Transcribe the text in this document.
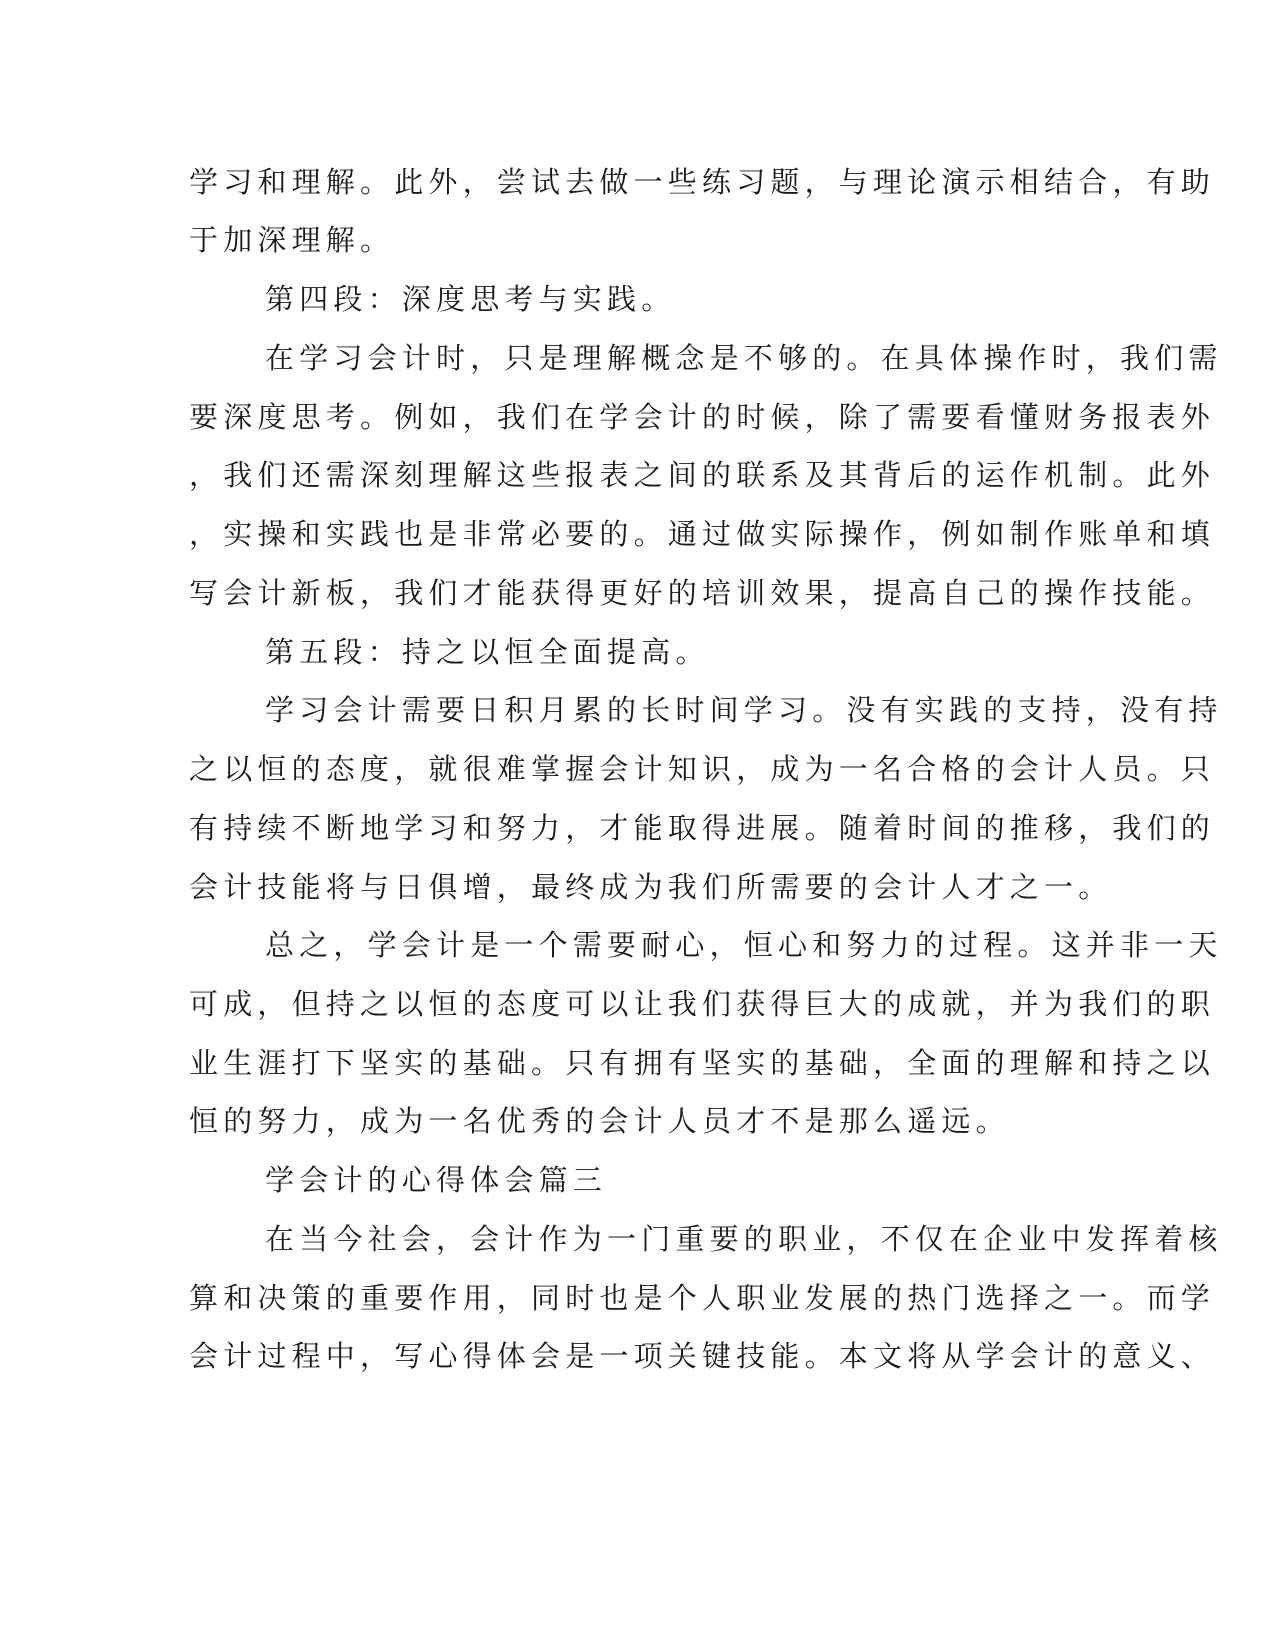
学习和理解。此外，尝试去做一些练习题，与理论演示相结合，有助
于加深理解。
第四段：深度思考与实践。
在学习会计时，只是理解概念是不够的。在具体操作时，我们需
要深度思考。例如，我们在学会计的时候，除了需要看懂财务报表外
，我们还需深刻理解这些报表之间的联系及其背后的运作机制。此外
，实操和实践也是非常必要的。通过做实际操作，例如制作账单和填
写会计新板，我们才能获得更好的培训效果，提高自己的操作技能。
第五段：持之以恒全面提高。
学习会计需要日积月累的长时间学习。没有实践的支持，没有持
之以恒的态度，就很难掌握会计知识，成为一名合格的会计人员。只
有持续不断地学习和努力，才能取得进展。随着时间的推移，我们的
会计技能将与日俱增，最终成为我们所需要的会计人才之一。
总之，学会计是一个需要耐心，恒心和努力的过程。这并非一天
可成，但持之以恒的态度可以让我们获得巨大的成就，并为我们的职
业生涯打下坚实的基础。只有拥有坚实的基础，全面的理解和持之以
恒的努力，成为一名优秀的会计人员才不是那么遥远。
学会计的心得体会篇三
在当今社会，会计作为一门重要的职业，不仅在企业中发挥着核
算和决策的重要作用，同时也是个人职业发展的热门选择之一。而学
会计过程中，写心得体会是一项关键技能。本文将从学会计的意义、
